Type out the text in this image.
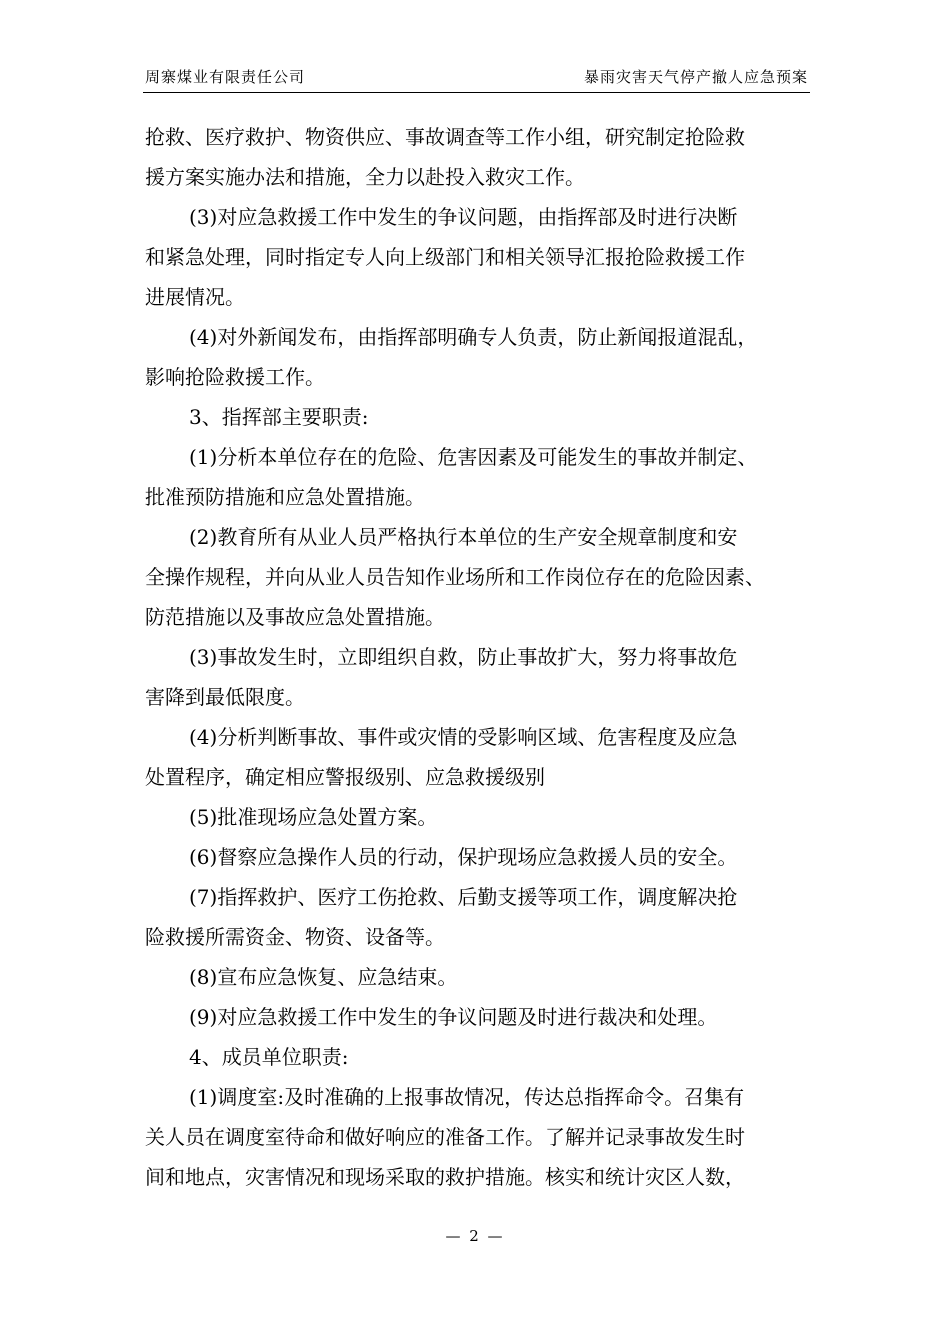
周寨煤业有限责任公司	暴雨灾害天气停产撤人应急预案
抢救、医疗救护、物资供应、事故调查等工作小组，研究制定抢险救
援方案实施办法和措施，全力以赴投入救灾工作。
(3)对应急救援工作中发生的争议问题，由指挥部及时进行决断
和紧急处理，同时指定专人向上级部门和相关领导汇报抢险救援工作
进展情况。
(4)对外新闻发布，由指挥部明确专人负责，防止新闻报道混乱，
影响抢险救援工作。
3、指挥部主要职责:
(1)分析本单位存在的危险、危害因素及可能发生的事故并制定、
批准预防措施和应急处置措施。
(2)教育所有从业人员严格执行本单位的生产安全规章制度和安
全操作规程，并向从业人员告知作业场所和工作岗位存在的危险因素、
防范措施以及事故应急处置措施。
(3)事故发生时，立即组织自救，防止事故扩大，努力将事故危
害降到最低限度。
(4)分析判断事故、事件或灾情的受影响区域、危害程度及应急
处置程序，确定相应警报级别、应急救援级别
(5)批准现场应急处置方案。
(6)督察应急操作人员的行动，保护现场应急救援人员的安全。
(7)指挥救护、医疗工伤抢救、后勤支援等项工作，调度解决抢
险救援所需资金、物资、设备等。
(8)宣布应急恢复、应急结束。
(9)对应急救援工作中发生的争议问题及时进行裁决和处理。
4、成员单位职责:
(1)调度室:及时准确的上报事故情况，传达总指挥命令。召集有
关人员在调度室待命和做好响应的准备工作。了解并记录事故发生时
间和地点，灾害情况和现场采取的救护措施。核实和统计灾区人数，
— 2 —
